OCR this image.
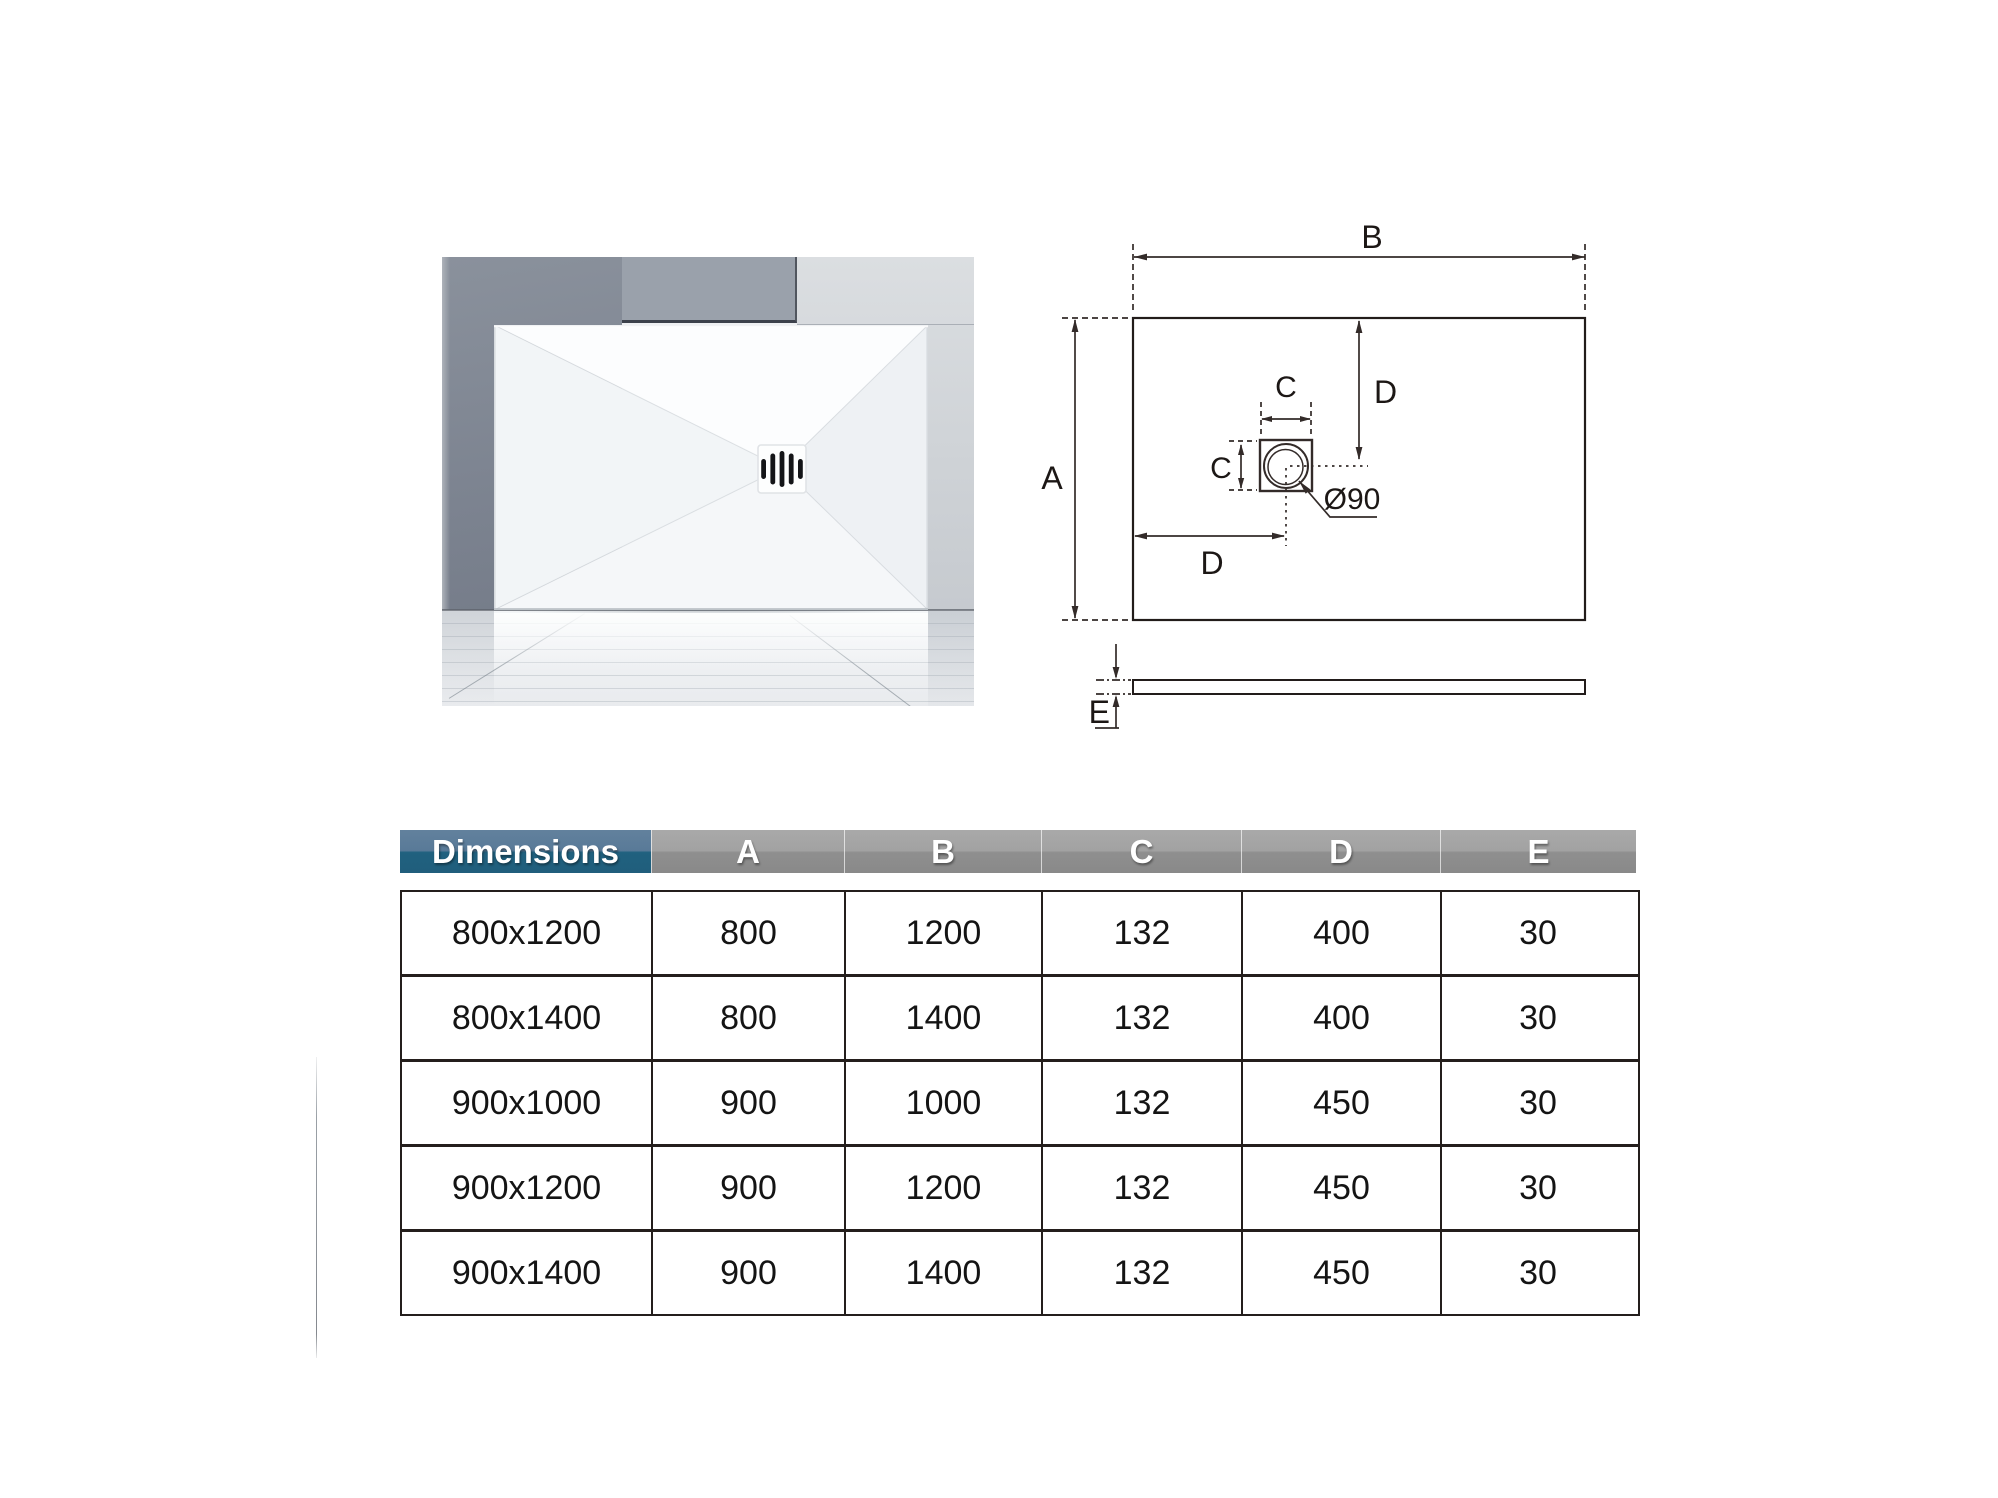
B
A
C
C
D
D
Ø90
E
Dimensions	A	B	C	D	E
800x1200	800	1200	132	400	30
800x1400	800	1400	132	400	30
900x1000	900	1000	132	450	30
900x1200	900	1200	132	450	30
900x1400	900	1400	132	450	30
